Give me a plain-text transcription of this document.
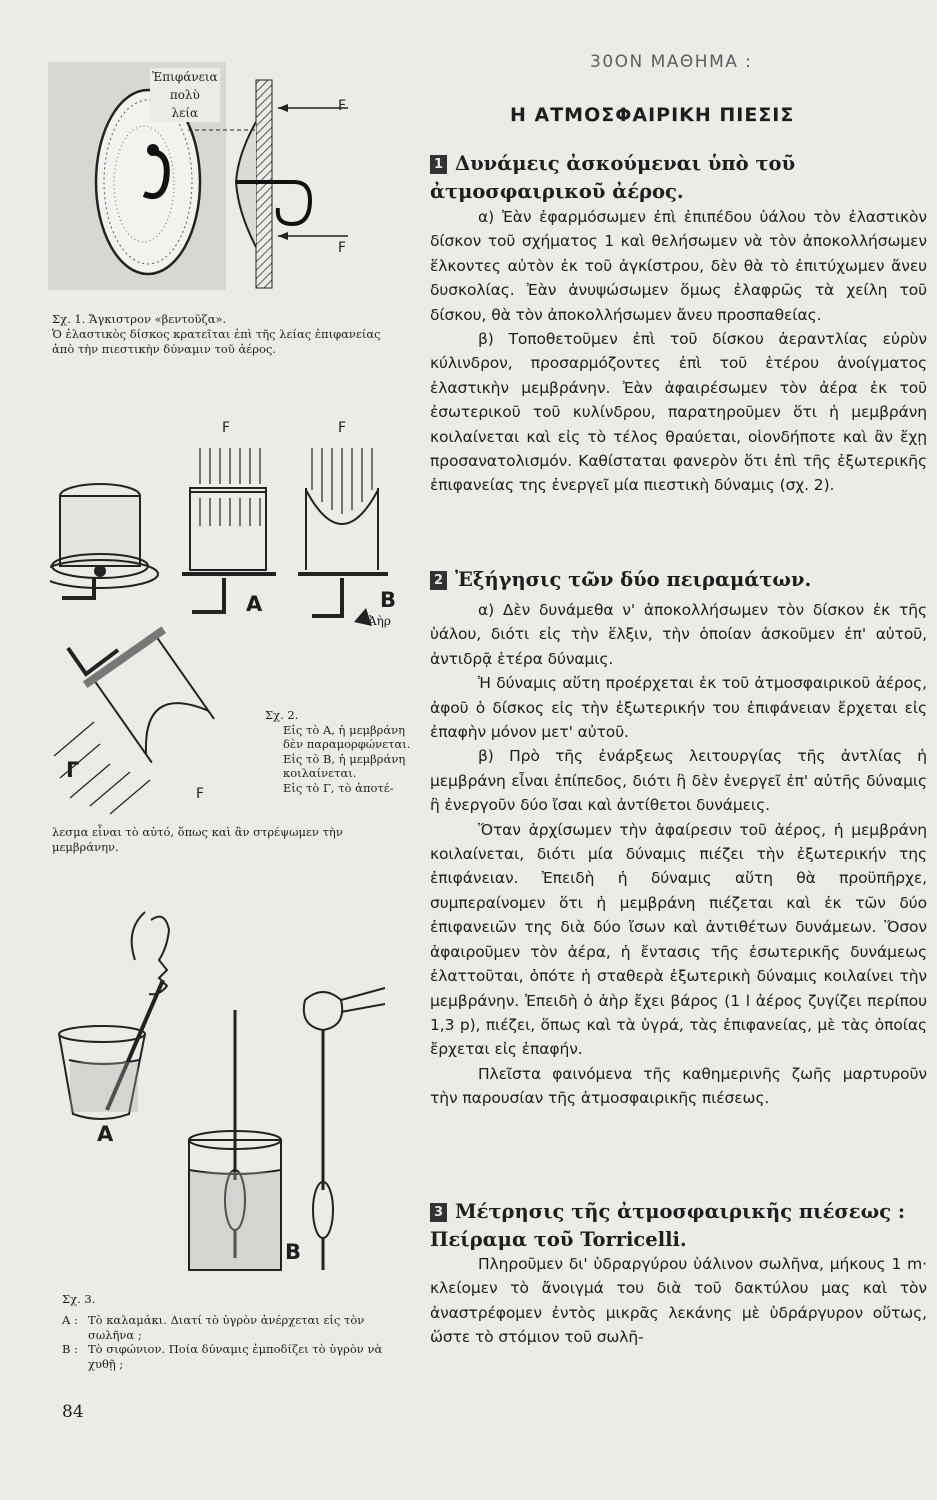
Ἐπιφάνεια
πολὺ
λεία	F
F
Σχ. 1. Ἄγκιστρον «βεντοῦζα».
Ὁ ἐλαστικὸς δίσκος κρατεῖται ἐπὶ τῆς λείας ἐπιφανείας ἀπὸ τὴν πιεστικὴν δύναμιν τοῦ ἀέρος.
F	F
Α	Β
Ἀὴρ
Γ
F
Σχ. 2.
Εἰς τὸ Α, ἡ μεμβράνη δὲν παραμορφώνεται.
Εἰς τὸ Β, ἡ μεμβράνη κοιλαίνεται.
Εἰς τὸ Γ, τὸ ἀποτέ-
λεσμα εἶναι τὸ αὐτό, ὅπως καὶ ἂν στρέψωμεν τὴν μεμβράνην.
Α
Β
Σχ. 3.
Α : Τὸ καλαμάκι. Διατί τὸ ὑγρὸν ἀνέρχεται εἰς τὸν σωλῆνα ;
Β : Τὸ σιφώνιον. Ποία δύναμις ἐμποδίζει τὸ ὑγρὸν νὰ χυθῇ ;
84
30ΟΝ ΜΑΘΗΜΑ :
Η ΑΤΜΟΣΦΑΙΡΙΚΗ ΠΙΕΣΙΣ
1 Δυνάμεις ἀσκούμεναι ὑπὸ τοῦ ἀτμοσφαιρικοῦ ἀέρος.

α) Ἐὰν ἐφαρμόσωμεν ἐπὶ ἐπιπέδου ὑάλου τὸν ἐλαστικὸν δίσκον τοῦ σχήματος 1 καὶ θελήσωμεν νὰ τὸν ἀποκολλήσωμεν ἕλκοντες αὐτὸν ἐκ τοῦ ἀγκίστρου, δὲν θὰ τὸ ἐπιτύχωμεν ἄνευ δυσκολίας. Ἐὰν ἀνυψώσωμεν ὅμως ἐλαφρῶς τὰ χείλη τοῦ δίσκου, θὰ τὸν ἀποκολλήσωμεν ἄνευ προσπαθείας.

β) Τοποθετοῦμεν ἐπὶ τοῦ δίσκου ἀεραντλίας εὐρὺν κύλινδρον, προσαρμόζοντες ἐπὶ τοῦ ἑτέρου ἀνοίγματος ἐλαστικὴν μεμβράνην. Ἐὰν ἀφαιρέσωμεν τὸν ἀέρα ἐκ τοῦ ἐσωτερικοῦ τοῦ κυλίνδρου, παρατηροῦμεν ὅτι ἡ μεμβράνη κοιλαίνεται καὶ εἰς τὸ τέλος θραύεται, οἱονδήποτε καὶ ἂν ἔχῃ προσανατολισμόν. Καθίσταται φανερὸν ὅτι ἐπὶ τῆς ἐξωτερικῆς ἐπιφανείας της ἐνεργεῖ μία πιεστικὴ δύναμις (σχ. 2).

2 Ἐξήγησις τῶν δύο πειραμάτων.

α) Δὲν δυνάμεθα ν' ἀποκολλήσωμεν τὸν δίσκον ἐκ τῆς ὑάλου, διότι εἰς τὴν ἕλξιν, τὴν ὁποίαν ἀσκοῦμεν ἐπ' αὐτοῦ, ἀντιδρᾷ ἑτέρα δύναμις.

Ἡ δύναμις αὕτη προέρχεται ἐκ τοῦ ἀτμοσφαιρικοῦ ἀέρος, ἀφοῦ ὁ δίσκος εἰς τὴν ἐξωτερικήν του ἐπιφάνειαν ἔρχεται εἰς ἐπαφὴν μόνον μετ' αὐτοῦ.

β) Πρὸ τῆς ἐνάρξεως λειτουργίας τῆς ἀντλίας ἡ μεμβράνη εἶναι ἐπίπεδος, διότι ἢ δὲν ἐνεργεῖ ἐπ' αὐτῆς δύναμις ἢ ἐνεργοῦν δύο ἴσαι καὶ ἀντίθετοι δυνάμεις.

Ὅταν ἀρχίσωμεν τὴν ἀφαίρεσιν τοῦ ἀέρος, ἡ μεμβράνη κοιλαίνεται, διότι μία δύναμις πιέζει τὴν ἐξωτερικήν της ἐπιφάνειαν. Ἐπειδὴ ἡ δύναμις αὕτη θὰ προϋπῆρχε, συμπεραίνομεν ὅτι ἡ μεμβράνη πιέζεται καὶ ἐκ τῶν δύο ἐπιφανειῶν της διὰ δύο ἴσων καὶ ἀντιθέτων δυνάμεων. Ὅσον ἀφαιροῦμεν τὸν ἀέρα, ἡ ἔντασις τῆς ἐσωτερικῆς δυνάμεως ἐλαττοῦται, ὁπότε ἡ σταθερὰ ἐξωτερικὴ δύναμις κοιλαίνει τὴν μεμβράνην. Ἐπειδὴ ὁ ἀὴρ ἔχει βάρος (1 l ἀέρος ζυγίζει περίπου 1,3 p), πιέζει, ὅπως καὶ τὰ ὑγρά, τὰς ἐπιφανείας, μὲ τὰς ὁποίας ἔρχεται εἰς ἐπαφήν.

Πλεῖστα φαινόμενα τῆς καθημερινῆς ζωῆς μαρτυροῦν τὴν παρουσίαν τῆς ἀτμοσφαιρικῆς πιέσεως.

3 Μέτρησις τῆς ἀτμοσφαιρικῆς πιέσεως : Πείραμα τοῦ Torricelli.

Πληροῦμεν δι' ὑδραργύρου ὑάλινον σωλῆνα, μήκους 1 m· κλείομεν τὸ ἄνοιγμά του διὰ τοῦ δακτύλου μας καὶ τὸν ἀναστρέφομεν ἐντὸς μικρᾶς λεκάνης μὲ ὑδράργυρον οὕτως, ὥστε τὸ στόμιον τοῦ σωλῆ-
